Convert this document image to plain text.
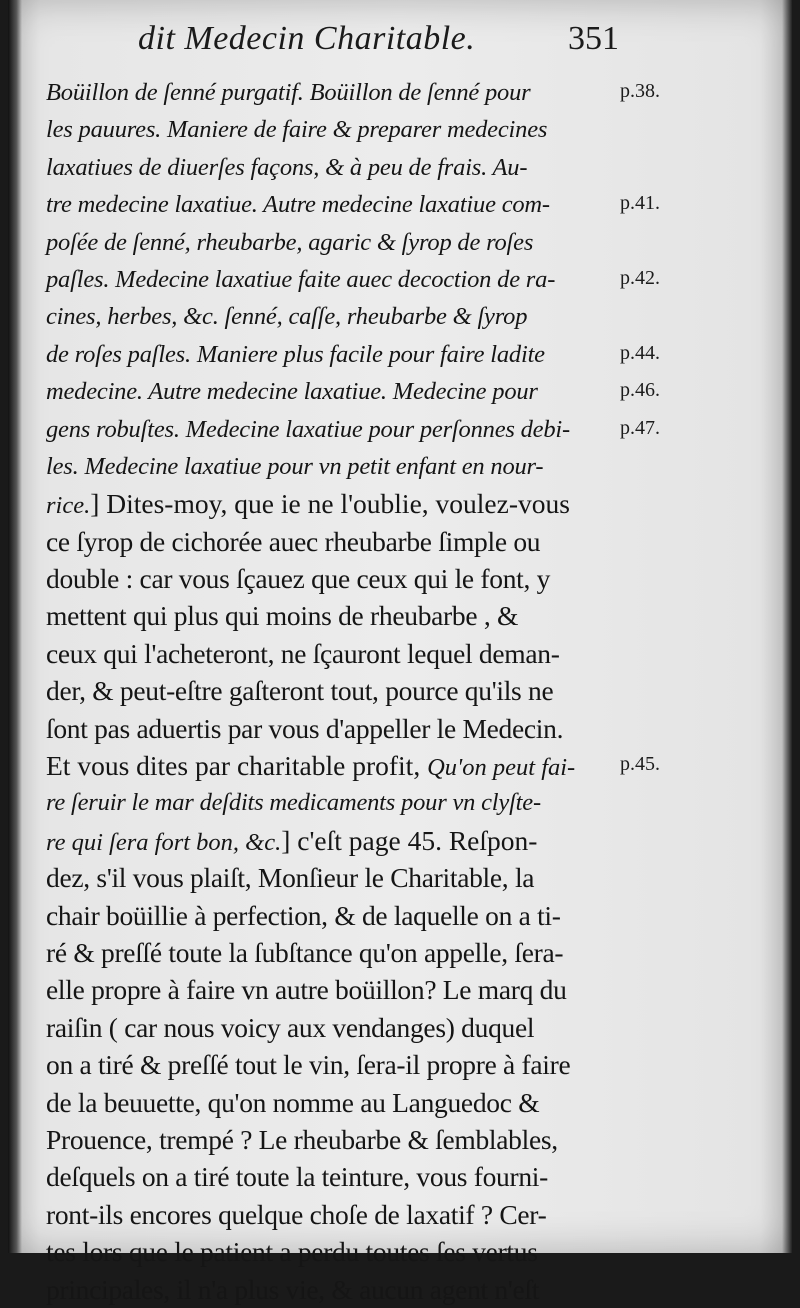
dit Medecin Charitable.	351
Boüillon de ſenné purgatif. Boüillon de ſenné pour
les pauures. Maniere de faire & preparer medecines
laxatiues de diuerſes façons, & à peu de frais. Au-
tre medecine laxatiue. Autre medecine laxatiue com-
poſée de ſenné, rheubarbe, agaric & ſyrop de roſes
paſles. Medecine laxatiue faite auec decoction de ra-
cines, herbes, &c. ſenné, caſſe, rheubarbe & ſyrop
de roſes paſles. Maniere plus facile pour faire ladite
medecine. Autre medecine laxatiue. Medecine pour
gens robuſtes. Medecine laxatiue pour perſonnes debi-
les. Medecine laxatiue pour vn petit enfant en nour-
rice.] Dites-moy, que ie ne l'oublie, voulez-vous
ce ſyrop de cichorée auec rheubarbe ſimple ou
double : car vous ſçauez que ceux qui le font, y
mettent qui plus qui moins de rheubarbe , &
ceux qui l'acheteront, ne ſçauront lequel deman-
der, & peut-eſtre gaſteront tout, pource qu'ils ne
ſont pas aduertis par vous d'appeller le Medecin.
Et vous dites par charitable profit, Qu'on peut fai-
re ſeruir le mar deſdits medicaments pour vn clyſte-
re qui ſera fort bon, &c.] c'eſt page 45. Reſpon-
dez, s'il vous plaiſt, Monſieur le Charitable, la
chair boüillie à perfection, & de laquelle on a ti-
ré & preſſé toute la ſubſtance qu'on appelle, ſera-
elle propre à faire vn autre boüillon? Le marq du
raiſin ( car nous voicy aux vendanges) duquel
on a tiré & preſſé tout le vin, ſera-il propre à faire
de la beuuette, qu'on nomme au Languedoc &
Prouence, trempé ? Le rheubarbe & ſemblables,
deſquels on a tiré toute la teinture, vous fourni-
ront-ils encores quelque choſe de laxatif ? Cer-
tes lors que le patient a perdu toutes ſes vertus
principales, il n'a plus vie, & aucun agent n'eſt
p.38.
p.41.
p.42.
p.44.
p.46.
p.47.
p.45.
